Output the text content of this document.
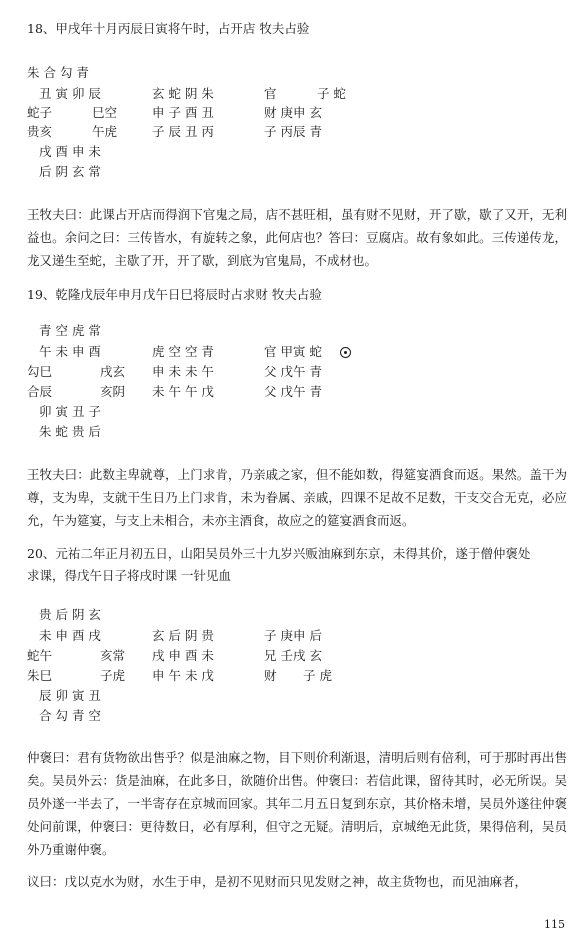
18、甲戌年十月丙辰日寅将午时，占开店 牧夫占验
朱 合 勾 青
丑 寅 卯 辰	玄 蛇 阴 朱	官	子 蛇
蛇子	巳空	申 子 酉 丑	财 庚申 玄
贵亥	午虎	子 辰 丑 丙	子 丙辰 青
戌 酉 申 未
后 阴 玄 常
王牧夫曰：此课占开店而得润下官鬼之局，店不甚旺相，虽有财不见财，开了歇，歇了又开，无利益也。余问之曰：三传皆水，有旋转之象，此何店也？答曰：豆腐店。故有象如此。三传递传龙，龙又递生至蛇，主歇了开，开了歇，到底为官鬼局，不成材也。
19、乾隆戊辰年申月戊午日巳将辰时占求财 牧夫占验
青 空 虎 常
午 未 申 酉	虎 空 空 青	官 甲寅 蛇
勾巳	戌玄 申 未 未 午	父 戊午 青
合辰	亥阴 未 午 午 戊	父 戊午 青
卯 寅 丑 子
朱 蛇 贵 后
王牧夫曰：此数主卑就尊，上门求肯，乃亲戚之家，但不能如数，得筵宴酒食而返。果然。盖干为尊，支为卑，支就干生日乃上门求肯，未为眷属、亲戚，四课不足故不足数，干支交合无克，必应允，午为筵宴，与支上未相合，未亦主酒食，故应之的筵宴酒食而返。
20、元祐二年正月初五日，山阳吴员外三十九岁兴贩油麻到东京，未得其价，遂于僧仲褒处
求课，得戊午日子将戌时课 一针见血
贵 后 阴 玄
未 申 酉 戌	玄 后 阴 贵	子 庚申 后
蛇午	亥常 戌 申 酉 未	兄 壬戌 玄
朱巳	子虎 申 午 未 戊	财 子 虎
辰 卯 寅 丑
合 勾 青 空
仲褒曰：君有货物欲出售乎？似是油麻之物，目下则价利渐退，清明后则有倍利，可于那时再出售矣。吴员外云：货是油麻，在此多日，欲随价出售。仲褒曰：若信此课，留待其时，必无所误。吴员外遂一半去了，一半寄存在京城而回家。其年二月五日复到东京，其价格未增，吴员外遂往仲褒处问前课，仲褒曰：更待数日，必有厚利，但守之无疑。清明后，京城绝无此货，果得倍利，吴员外乃重谢仲褒。
议曰：戊以克水为财，水生于申，是初不见财而只见发财之神，故主货物也，而见油麻者，
115
